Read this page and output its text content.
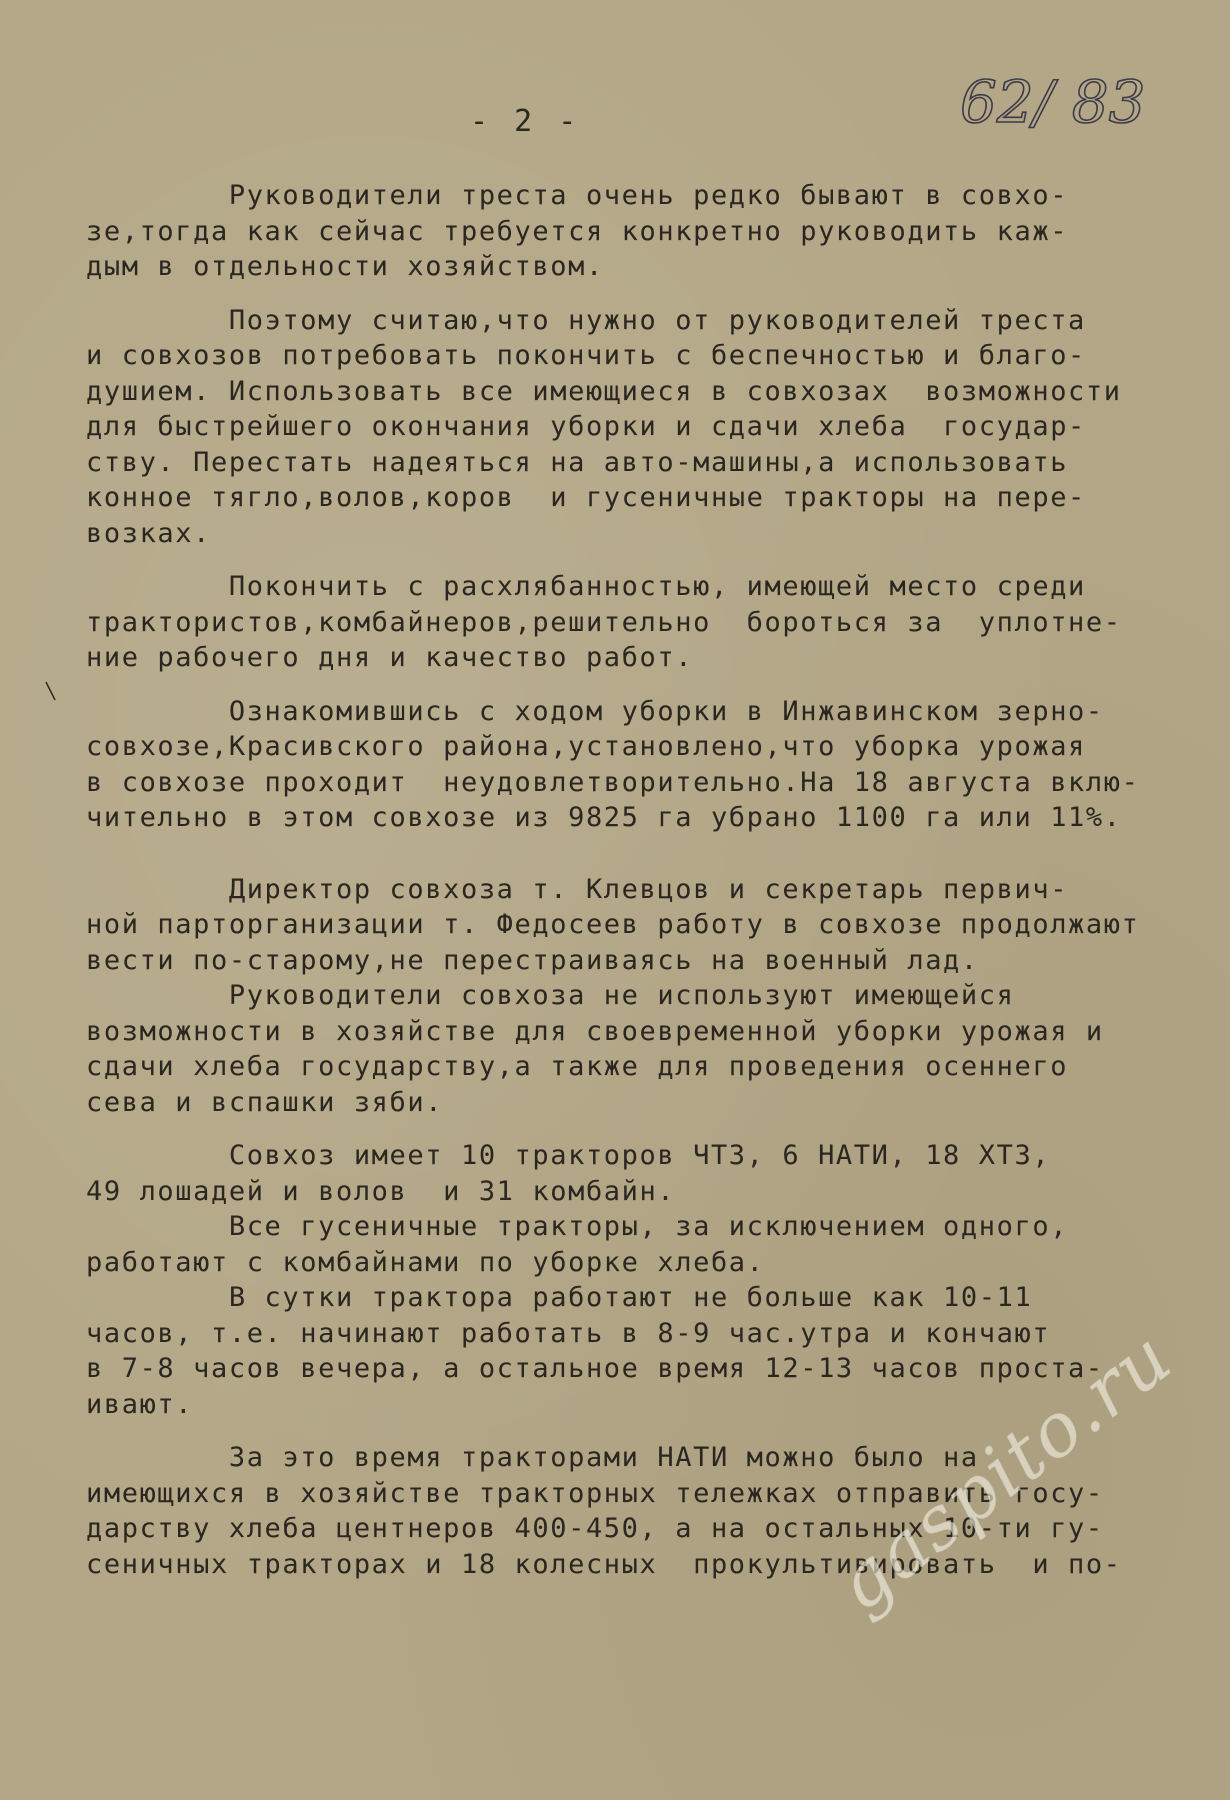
- 2 -	62/ 83
Руководители треста очень редко бывают в совхо-
зе,тогда как сейчас требуется конкретно руководить каж-
дым в отдельности хозяйством.
Поэтому считаю,что нужно от руководителей треста
и совхозов потребовать покончить с беспечностью и благо-
душием. Использовать все имеющиеся в совхозах  возможности
для быстрейшего окончания уборки и сдачи хлеба  государ-
ству. Перестать надеяться на авто-машины,а использовать
конное тягло,волов,коров  и гусеничные тракторы на пере-
возках.
Покончить с расхлябанностью, имеющей место среди
трактористов,комбайнеров,решительно  бороться за  уплотне-
ние рабочего дня и качество работ.
Ознакомившись с ходом уборки в Инжавинском зерно-
совхозе,Красивского района,установлено,что уборка урожая
в совхозе проходит  неудовлетворительно.На 18 августа вклю-
чительно в этом совхозе из 9825 га убрано 1100 га или 11%.
Директор совхоза т. Клевцов и секретарь первич-
ной парторганизации т. Федосеев работу в совхозе продолжают
вести по-старому,не перестраиваясь на военный лад.
Руководители совхоза не используют имеющейся
возможности в хозяйстве для своевременной уборки урожая и
сдачи хлеба государству,а также для проведения осеннего
сева и вспашки зяби.
Совхоз имеет 10 тракторов ЧТЗ, 6 НАТИ, 18 ХТЗ,
49 лошадей и волов  и 31 комбайн.
Все гусеничные тракторы, за исключением одного,
работают с комбайнами по уборке хлеба.
В сутки трактора работают не больше как 10-11
часов, т.е. начинают работать в 8-9 час.утра и кончают
в 7-8 часов вечера, а остальное время 12-13 часов проста-
ивают.
За это время тракторами НАТИ можно было на
имеющихся в хозяйстве тракторных тележках отправить госу-
дарству хлеба центнеров 400-450, а на остальных 10-ти гу-
сеничных тракторах и 18 колесных  прокультивировать  и по-
gaspito.ru
